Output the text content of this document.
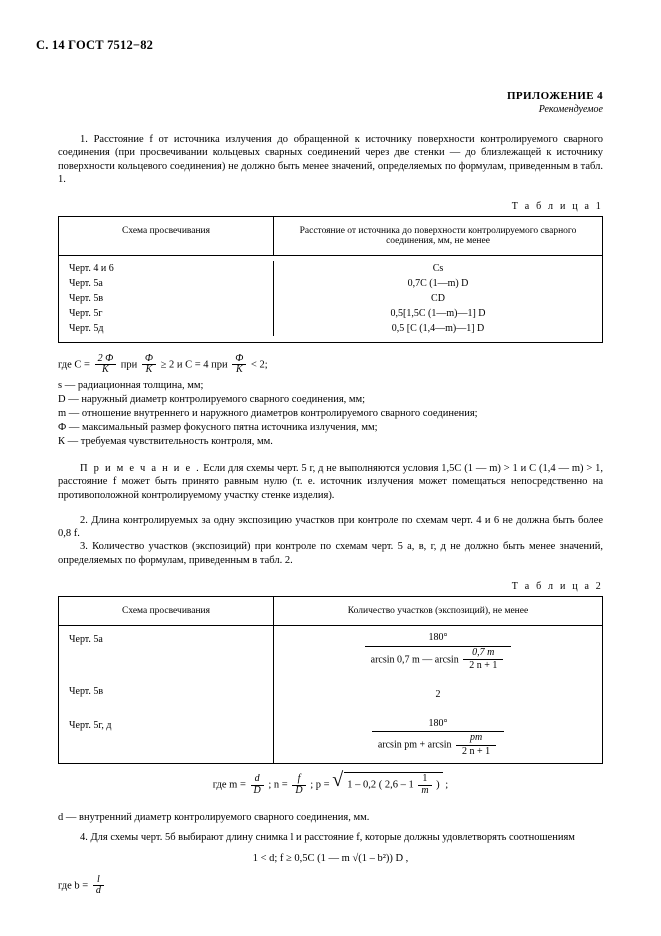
С. 14 ГОСТ 7512−82
ПРИЛОЖЕНИЕ 4
Рекомендуемое

1. Расстояние f от источника излучения до обращенной к источнику поверхности контролируемого сварного соединения (при просвечивании кольцевых сварных соединений через две стенки — до близлежащей к источнику поверхности кольцевого соединения) не должно быть менее значений, определяемых по формулам, приведенным в табл. 1.

Т а б л и ц а 1
Схема просвечивания	Расстояние от источника до поверхности контролируемого сварного соединения, мм, не менее
Черт. 4 и 6	Cs
Черт. 5а	0,7С (1—m) D
Черт. 5в	CD
Черт. 5г	0,5[1,5C (1—m)—1] D
Черт. 5д	0,5 [C (1,4—m)—1] D
где $С = \frac{2 Ф}{К}$ при $\frac{Ф}{К} \ge 2$ и С = 4 при $\frac{Ф}{К} < 2$;
s — радиационная толщина, мм;
D — наружный диаметр контролируемого сварного соединения, мм;
m — отношение внутреннего и наружного диаметров контролируемого сварного соединения;
Ф — максимальный размер фокусного пятна источника излучения, мм;
К — требуемая чувствительность контроля, мм.
П р и м е ч а н и е . Если для схемы черт. 5 г, д не выполняются условия 1,5С (1 — m) > 1 и С (1,4 — m) > 1, расстояние f может быть принято равным нулю (т. е. источник излучения может помещаться непосредственно на противоположной контролируемому участку стенке изделия).

2. Длина контролируемых за одну экспозицию участков при контроле по схемам черт. 4 и 6 не должна быть более 0,8 f.

3. Количество участков (экспозиций) при контроле по схемам черт. 5 а, в, г, д не должно быть менее значений, определяемых по формулам, приведенным в табл. 2.

Т а б л и ц а 2
Схема просвечивания	Количество участков (экспозиций), не менее
Черт. 5а	180°
arcsin 0,7 m — $\arcsin \frac{0,7 m}{2 n + 1}$
Черт. 5в	2
Черт. 5г, д	180°
arcsin pm + $\arcsin \frac{pm}{2 n + 1}$
где $m = \frac{d}{D}$ ; $n = \frac{f}{D}$ ; p = √ 1 – 0,2 ( $2,6 - 1 \frac{1}{m}$ ) ;
d — внутренний диаметр контролируемого сварного соединения, мм.

4. Для схемы черт. 5б выбирают длину снимка l и расстояние f, которые должны удовлетворять соотношениям

1 < d; f ≥ 0,5С (1 — m √(1 – b²)) D ,
где $b = \frac{l}{d}$
